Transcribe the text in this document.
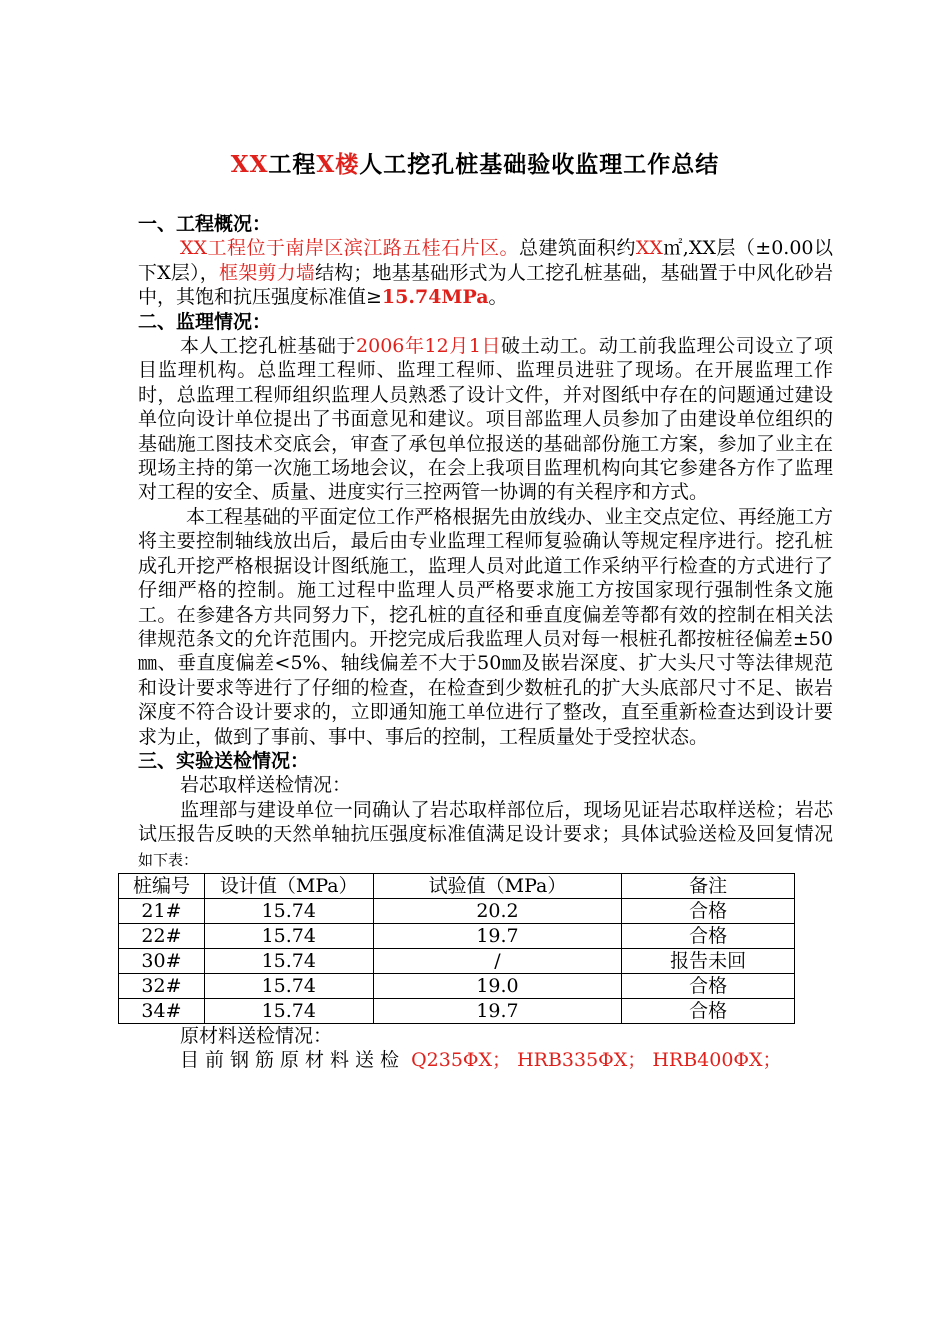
XX工程X楼人工挖孔桩基础验收监理工作总结
一、工程概况：
XX工程位于南岸区滨江路五桂石片区。总建筑面积约XX㎡,XX层（±0.00以下X层），框架剪力墙结构；地基基础形式为人工挖孔桩基础，基础置于中风化砂岩中，其饱和抗压强度标准值≥15.74MPa。
二、监理情况：
本人工挖孔桩基础于2006年12月1日破土动工。动工前我监理公司设立了项目监理机构。总监理工程师、监理工程师、监理员进驻了现场。在开展监理工作时，总监理工程师组织监理人员熟悉了设计文件，并对图纸中存在的问题通过建设单位向设计单位提出了书面意见和建议。项目部监理人员参加了由建设单位组织的基础施工图技术交底会，审查了承包单位报送的基础部份施工方案，参加了业主在现场主持的第一次施工场地会议，在会上我项目监理机构向其它参建各方作了监理对工程的安全、质量、进度实行三控两管一协调的有关程序和方式。
本工程基础的平面定位工作严格根据先由放线办、业主交点定位、再经施工方将主要控制轴线放出后，最后由专业监理工程师复验确认等规定程序进行。挖孔桩成孔开挖严格根据设计图纸施工，监理人员对此道工作采纳平行检查的方式进行了仔细严格的控制。施工过程中监理人员严格要求施工方按国家现行强制性条文施工。在参建各方共同努力下，挖孔桩的直径和垂直度偏差等都有效的控制在相关法律规范条文的允许范围内。开挖完成后我监理人员对每一根桩孔都按桩径偏差±50㎜、垂直度偏差<5%、轴线偏差不大于50㎜及嵌岩深度、扩大头尺寸等法律规范和设计要求等进行了仔细的检查，在检查到少数桩孔的扩大头底部尺寸不足、嵌岩深度不符合设计要求的，立即通知施工单位进行了整改，直至重新检查达到设计要求为止，做到了事前、事中、事后的控制，工程质量处于受控状态。
三、实验送检情况：
岩芯取样送检情况：
监理部与建设单位一同确认了岩芯取样部位后，现场见证岩芯取样送检；岩芯试压报告反映的天然单轴抗压强度标准值满足设计要求；具体试验送检及回复情况如下表：
桩编号	设计值（MPa）	试验值（MPa）	备注
21#	15.74	20.2	合格
22#	15.74	19.7	合格
30#	15.74	/	报告未回
32#	15.74	19.0	合格
34#	15.74	19.7	合格
原材料送检情况：
目前钢筋原材料送检 Q235ΦX； HRB335ΦX； HRB400ΦX；
